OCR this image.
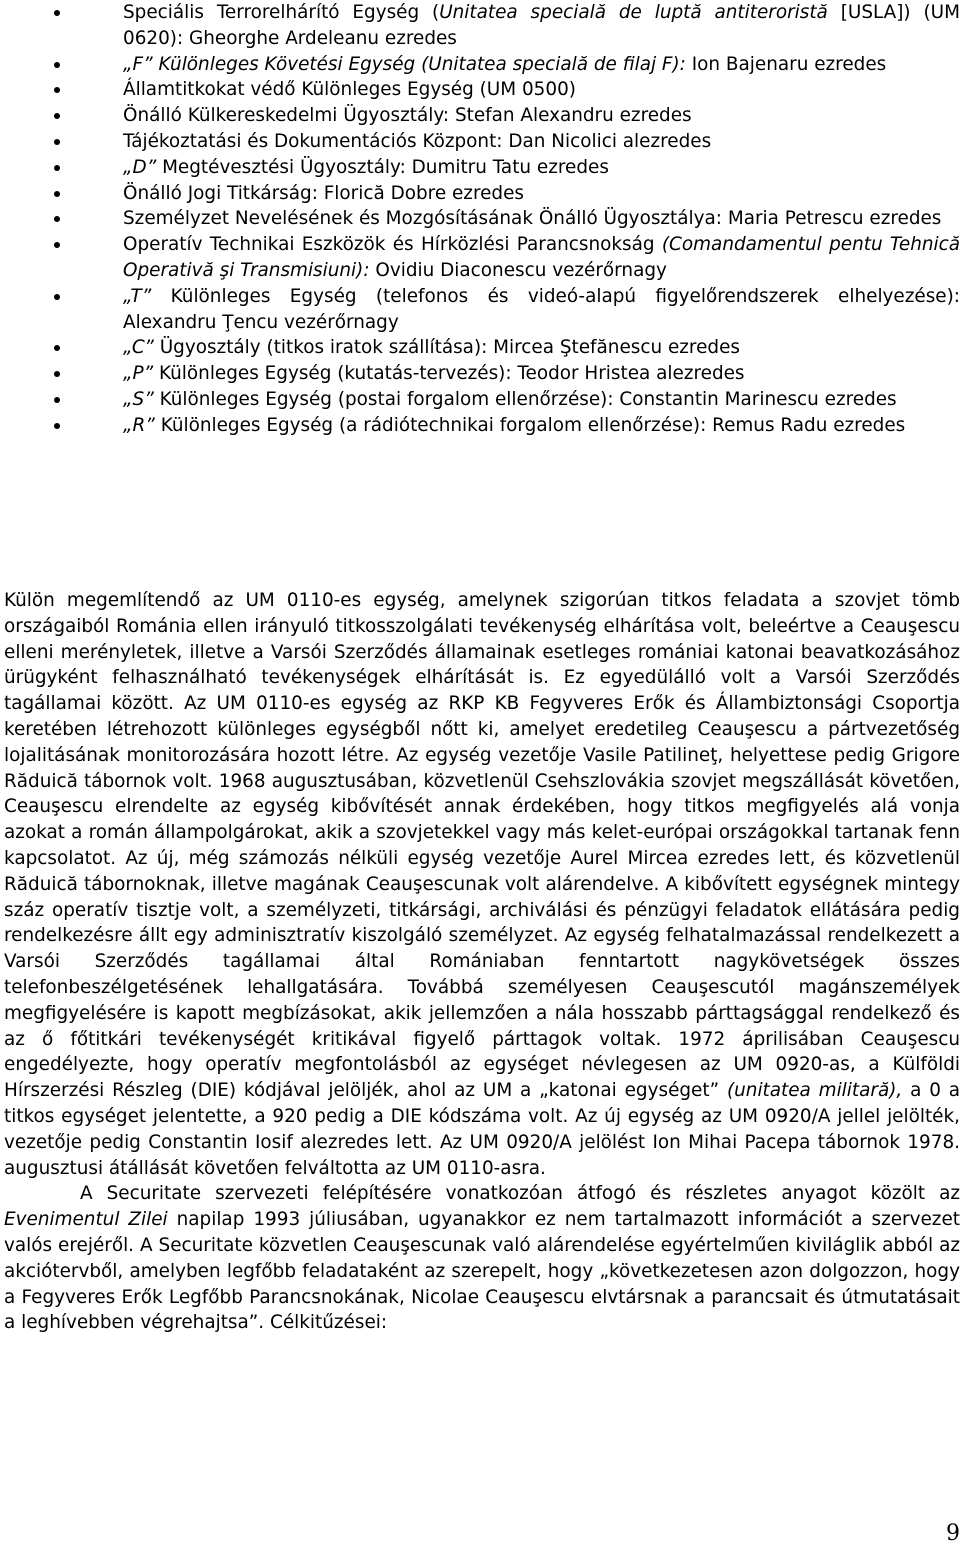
Speciális Terrorelhárító Egység (Unitatea specială de luptă antiteroristă [USLA]) (UM 0620): Gheorghe Ardeleanu ezredes
„F” Különleges Követési Egység (Unitatea specială de filaj F): Ion Bajenaru ezredes
Államtitkokat védő Különleges Egység (UM 0500)
Önálló Külkereskedelmi Ügyosztály: Stefan Alexandru ezredes
Tájékoztatási és Dokumentációs Központ: Dan Nicolici alezredes
„D” Megtévesztési Ügyosztály: Dumitru Tatu ezredes
Önálló Jogi Titkárság: Florică Dobre ezredes
Személyzet Nevelésének és Mozgósításának Önálló Ügyosztálya: Maria Petrescu ezredes
Operatív Technikai Eszközök és Hírközlési Parancsnokság (Comandamentul pentu Tehnică Operativă şi Transmisiuni): Ovidiu Diaconescu vezérőrnagy
„T” Különleges Egység (telefonos és videó-alapú figyelőrendszerek elhelyezése): Alexandru Ţencu vezérőrnagy
„C” Ügyosztály (titkos iratok szállítása): Mircea Ştefănescu ezredes
„P” Különleges Egység (kutatás-tervezés): Teodor Hristea alezredes
„S” Különleges Egység (postai forgalom ellenőrzése): Constantin Marinescu ezredes
„R” Különleges Egység (a rádiótechnikai forgalom ellenőrzése): Remus Radu ezredes

Külön megemlítendő az UM 0110-es egység, amelynek szigorúan titkos feladata a szovjet tömb országaiból Románia ellen irányuló titkosszolgálati tevékenység elhárítása volt, beleértve a Ceauşescu elleni merényletek, illetve a Varsói Szerződés államainak esetleges romániai katonai beavatkozásához ürügyként felhasználható tevékenységek elhárítását is. Ez egyedülálló volt a Varsói Szerződés tagállamai között. Az UM 0110-es egység az RKP KB Fegyveres Erők és Állambiztonsági Csoportja keretében létrehozott különleges egységből nőtt ki, amelyet eredetileg Ceauşescu a pártvezetőség lojalitásának monitorozására hozott létre. Az egység vezetője Vasile Patilineţ, helyettese pedig Grigore Răduică tábornok volt. 1968 augusztusában, közvetlenül Csehszlovákia szovjet megszállását követően, Ceauşescu elrendelte az egység kibővítését annak érdekében, hogy titkos megfigyelés alá vonja azokat a román állampolgárokat, akik a szovjetekkel vagy más kelet-európai országokkal tartanak fenn kapcsolatot. Az új, még számozás nélküli egység vezetője Aurel Mircea ezredes lett, és közvetlenül Răduică tábornoknak, illetve magának Ceauşescunak volt alárendelve. A kibővített egységnek mintegy száz operatív tisztje volt, a személyzeti, titkársági, archiválási és pénzügyi feladatok ellátására pedig rendelkezésre állt egy adminisztratív kiszolgáló személyzet. Az egység felhatalmazással rendelkezett a Varsói Szerződés tagállamai által Romániaban fenntartott nagykövetségek összes telefonbeszélgetésének lehallgatására. Továbbá személyesen Ceauşescutól magánszemélyek megfigyelésére is kapott megbízásokat, akik jellemzően a nála hosszabb párttagsággal rendelkező és az ő főtitkári tevékenységét kritikával figyelő párttagok voltak. 1972 áprilisában Ceauşescu engedélyezte, hogy operatív megfontolásból az egységet névlegesen az UM 0920-as, a Külföldi Hírszerzési Részleg (DIE) kódjával jelöljék, ahol az UM a „katonai egységet” (unitatea militară), a 0 a titkos egységet jelentette, a 920 pedig a DIE kódszáma volt. Az új egység az UM 0920/A jellel jelölték, vezetője pedig Constantin Iosif alezredes lett. Az UM 0920/A jelölést Ion Mihai Pacepa tábornok 1978. augusztusi átállását követően felváltotta az UM 0110-asra.

A Securitate szervezeti felépítésére vonatkozóan átfogó és részletes anyagot közölt az Evenimentul Zilei napilap 1993 júliusában, ugyanakkor ez nem tartalmazott információt a szervezet valós erejéről. A Securitate közvetlen Ceauşescunak való alárendelése egyértelműen kiviláglik abból az akciótervből, amelyben legfőbb feladataként az szerepelt, hogy „következetesen azon dolgozzon, hogy a Fegyveres Erők Legfőbb Parancsnokának, Nicolae Ceauşescu elvtársnak a parancsait és útmutatásait a leghívebben végrehajtsa”. Célkitűzései:

9
